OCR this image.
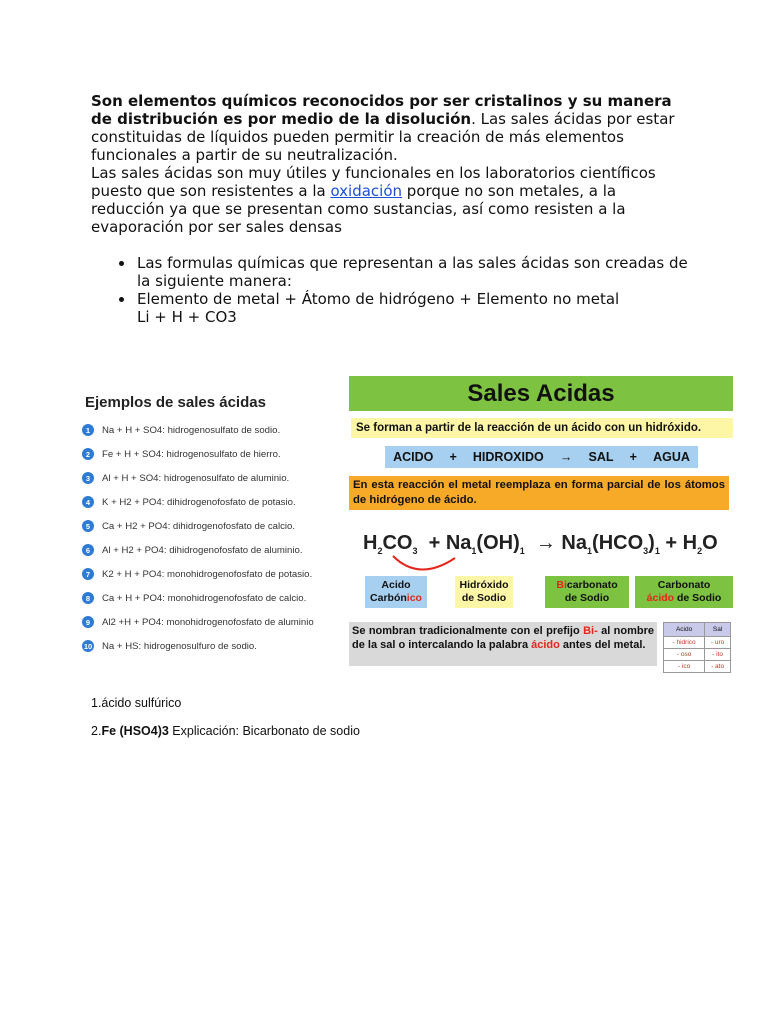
Son elementos químicos reconocidos por ser cristalinos y su manera de distribución es por medio de la disolución. Las sales ácidas por estar constituidas de líquidos pueden permitir la creación de más elementos funcionales a partir de su neutralización.

Las sales ácidas son muy útiles y funcionales en los laboratorios científicos puesto que son resistentes a la oxidación porque no son metales, a la reducción ya que se presentan como sustancias, así como resisten a la evaporación por ser sales densas

• Las formulas químicas que representan a las sales ácidas son creadas de la siguiente manera:
• Elemento de metal + Átomo de hidrógeno + Elemento no metal
Li + H + CO3
Ejemplos de sales ácidas
1	Na + H + SO4: hidrogenosulfato de sodio.
2	Fe + H + SO4: hidrogenosulfato de hierro.
3	Al + H + SO4: hidrogenosulfato de aluminio.
4	K + H2 + PO4: dihidrogenofosfato de potasio.
5	Ca + H2 + PO4: dihidrogenofosfato de calcio.
6	Al + H2 + PO4: dihidrogenofosfato de aluminio.
7	K2 + H + PO4: monohidrogenofosfato de potasio.
8	Ca + H + PO4: monohidrogenofosfato de calcio.
9	Al2 +H + PO4: monohidrogenofosfato de aluminio
10 Na + HS: hidrogenosulfuro de sodio.
Sales Acidas
Se forman a partir de la reacción de un ácido con un hidróxido.
ACIDO + HIDROXIDO → SAL + AGUA
En esta reacción el metal reemplaza en forma parcial de los átomos de hidrógeno de ácido.
$H_2CO_3 + Na_1(OH)_1 \to Na_1(HCO_3)_1 + H_2O$
Acido
Carbónico
Hidróxido
de Sodio
Bicarbonato
de Sodio
Carbonato
ácido de Sodio
Se nombran tradicionalmente con el prefijo Bi- al nombre de la sal o intercalando la palabra ácido antes del metal.
Acido	Sal
- hidrico	- uro
- oso	- ito
- ico	- ato

1.ácido sulfúrico

2.Fe (HSO4)3 Explicación: Bicarbonato de sodio
